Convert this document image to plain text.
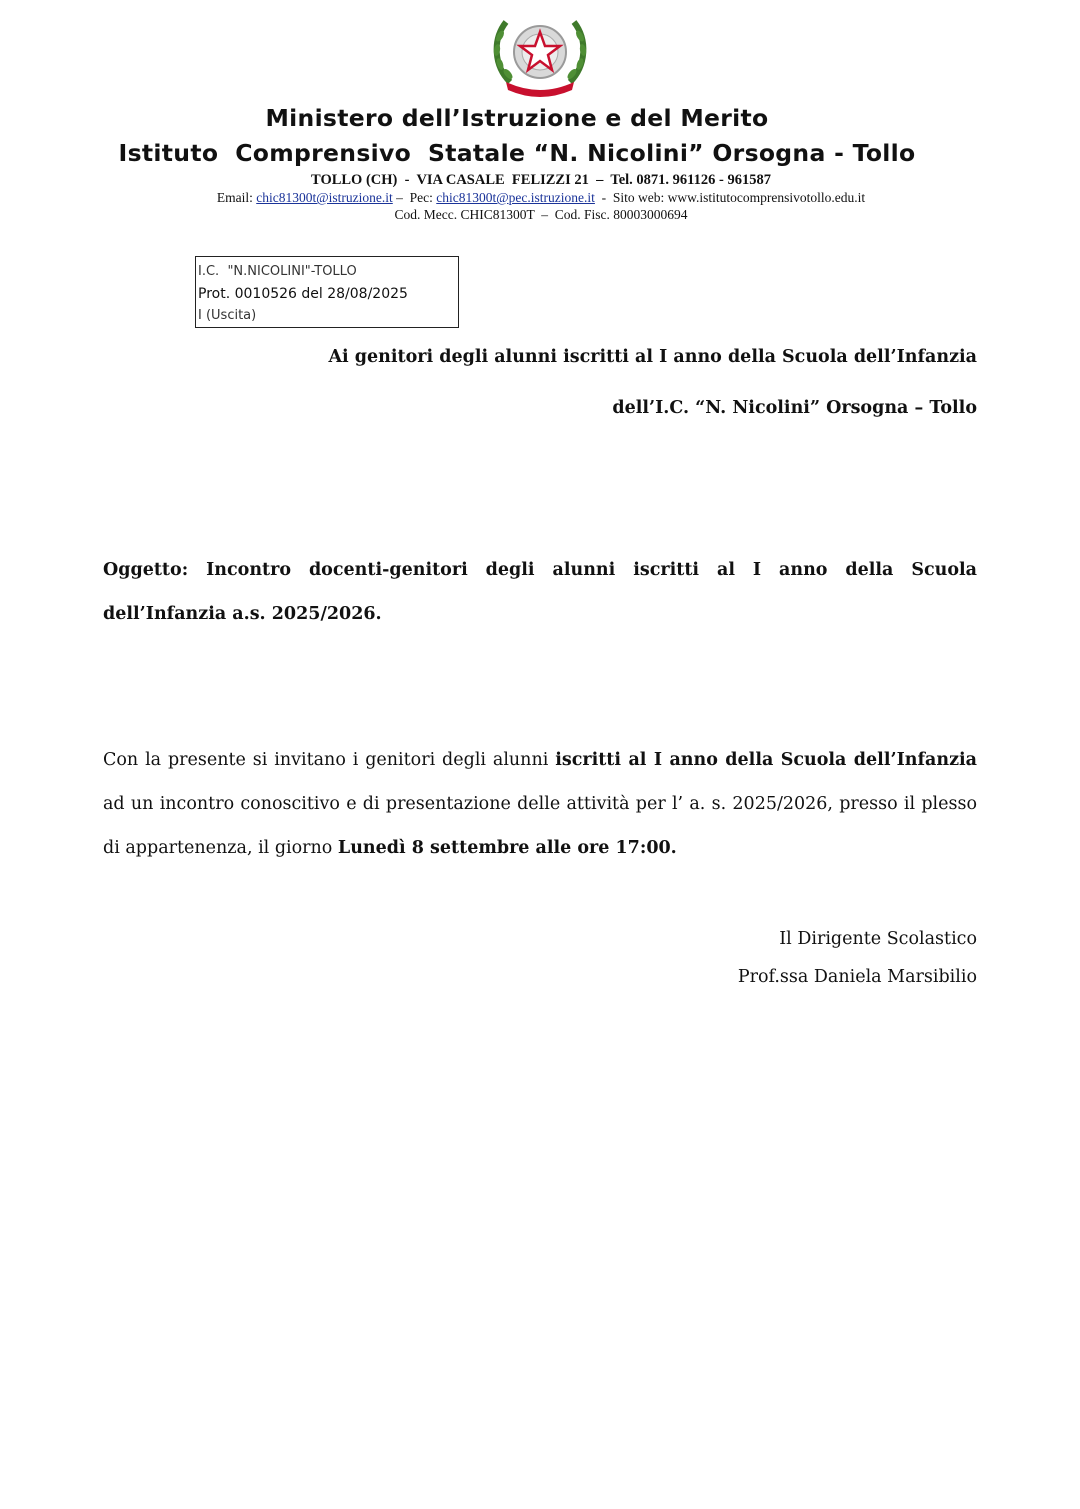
Ministero dell’Istruzione e del Merito
Istituto  Comprensivo  Statale “N. Nicolini” Orsogna - Tollo
TOLLO (CH)  -  VIA CASALE  FELIZZI 21  –  Tel. 0871. 961126 - 961587
Email: chic81300t@istruzione.it –  Pec: chic81300t@pec.istruzione.it  -  Sito web: www.istitutocomprensivotollo.edu.it
Cod. Mecc. CHIC81300T  –  Cod. Fisc. 80003000694
I.C.  "N.NICOLINI"-TOLLO
Prot. 0010526 del 28/08/2025
I (Uscita)
Ai genitori degli alunni iscritti al I anno della Scuola dell’Infanzia
dell’I.C. “N. Nicolini” Orsogna – Tollo
Oggetto: Incontro docenti-genitori degli alunni iscritti al I anno della Scuola dell’Infanzia a.s. 2025/2026.
Con la presente si invitano i genitori degli alunni iscritti al I anno della Scuola dell’Infanzia ad un incontro conoscitivo e di presentazione delle attività per l’ a. s. 2025/2026, presso il plesso di appartenenza, il giorno Lunedì 8 settembre alle ore 17:00.
Il Dirigente Scolastico
Prof.ssa Daniela Marsibilio
